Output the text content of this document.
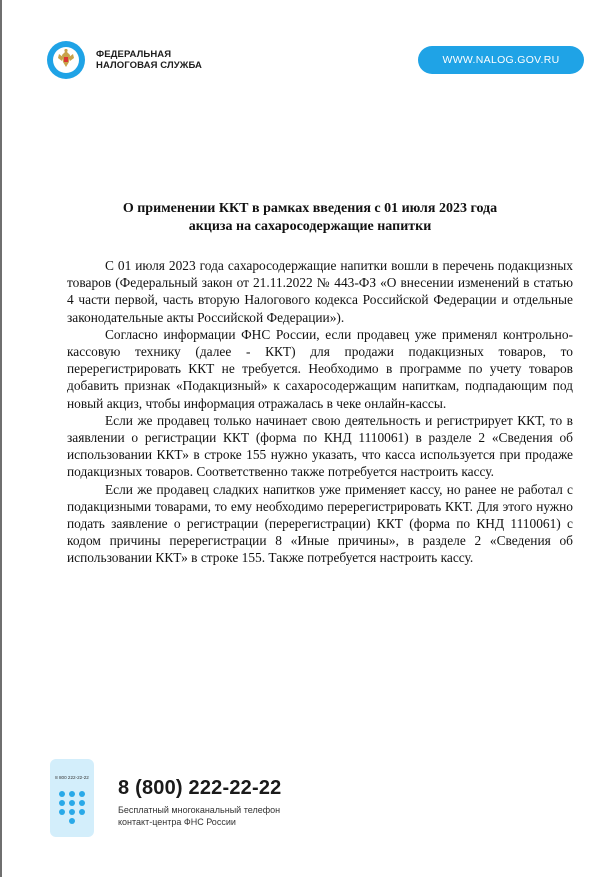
ФЕДЕРАЛЬНАЯ
НАЛОГОВАЯ СЛУЖБА	WWW.NALOG.GOV.RU
О применении ККТ в рамках введения с 01 июля 2023 года
акциза на сахаросодержащие напитки

С 01 июля 2023 года сахаросодержащие напитки вошли в перечень подакцизных товаров (Федеральный закон от 21.11.2022 № 443-ФЗ «О внесении изменений в статью 4 части первой, часть вторую Налогового кодекса Российской Федерации и отдельные законодательные акты Российской Федерации»).

Согласно информации ФНС России, если продавец уже применял контрольно-кассовую технику (далее - ККТ) для продажи подакцизных товаров, то перерегистрировать ККТ не требуется. Необходимо в программе по учету товаров добавить признак «Подакцизный» к сахаросодержащим напиткам, подпадающим под новый акциз, чтобы информация отражалась в чеке онлайн-кассы.

Если же продавец только начинает свою деятельность и регистрирует ККТ, то в заявлении о регистрации ККТ (форма по КНД 1110061) в разделе 2 «Сведения об использовании ККТ» в строке 155 нужно указать, что касса используется при продаже подакцизных товаров. Соответственно также потребуется настроить кассу.

Если же продавец сладких напитков уже применяет кассу, но ранее не работал с подакцизными товарами, то ему необходимо перерегистрировать ККТ. Для этого нужно подать заявление о регистрации (перерегистрации) ККТ (форма по КНД 1110061) с кодом причины перерегистрации 8 «Иные причины», в разделе 2 «Сведения об использовании ККТ» в строке 155. Также потребуется настроить кассу.

8 800 222-22-22 8 (800) 222-22-22
Бесплатный многоканальный телефон
контакт-центра ФНС России
